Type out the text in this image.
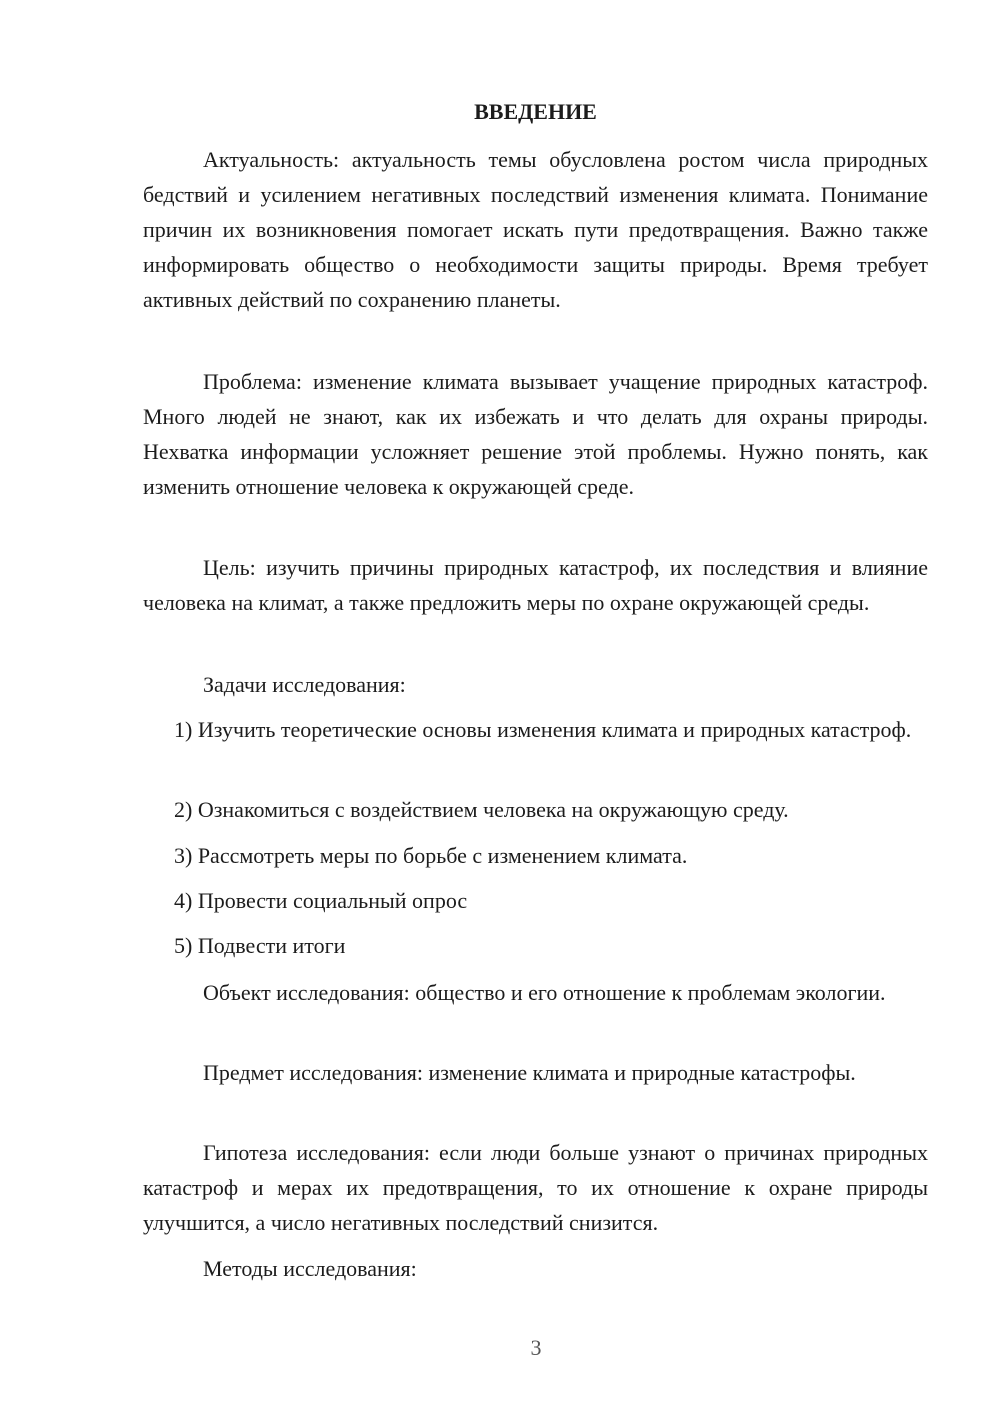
ВВЕДЕНИЕ

Актуальность: актуальность темы обусловлена ростом числа природных бедствий и усилением негативных последствий изменения климата. Понимание причин их возникновения помогает искать пути предотвращения. Важно также информировать общество о необходимости защиты природы. Время требует активных действий по сохранению планеты.

Проблема: изменение климата вызывает учащение природных катастроф. Много людей не знают, как их избежать и что делать для охраны природы. Нехватка информации усложняет решение этой проблемы. Нужно понять, как изменить отношение человека к окружающей среде.

Цель: изучить причины природных катастроф, их последствия и влияние человека на климат, а также предложить меры по охране окружающей среды.

Задачи исследования:

1) Изучить теоретические основы изменения климата и природных катастроф.

2) Ознакомиться с воздействием человека на окружающую среду.

3) Рассмотреть меры по борьбе с изменением климата.

4) Провести социальный опрос

5) Подвести итоги

Объект исследования: общество и его отношение к проблемам экологии.

Предмет исследования: изменение климата и природные катастрофы.

Гипотеза исследования: если люди больше узнают о причинах природных катастроф и мерах их предотвращения, то их отношение к охране природы улучшится, а число негативных последствий снизится.

Методы исследования:

3
